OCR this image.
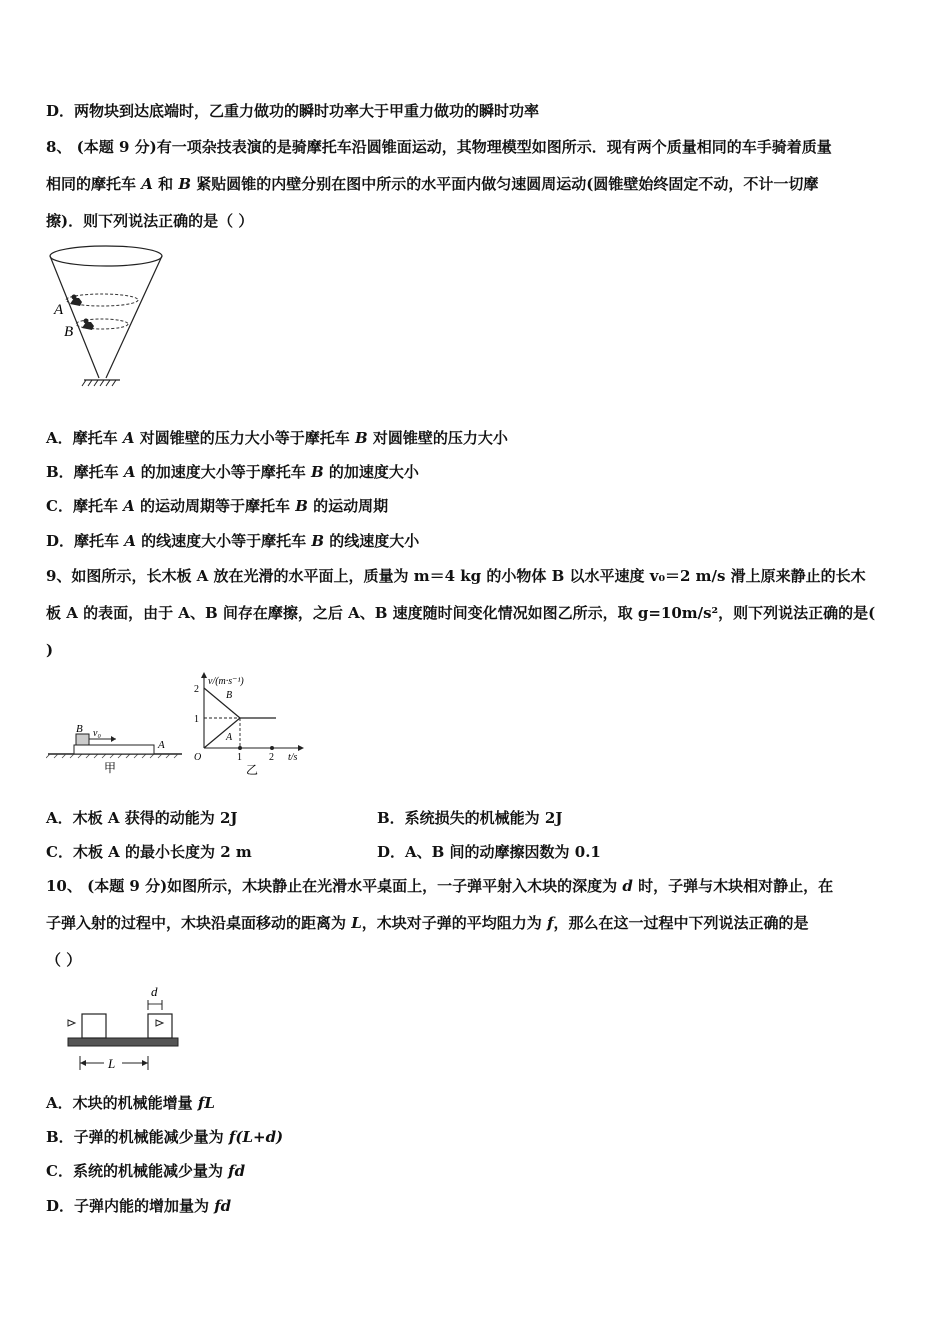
D．两物块到达底端时，乙重力做功的瞬时功率大于甲重力做功的瞬时功率
8、 (本题 9 分)有一项杂技表演的是骑摩托车沿圆锥面运动，其物理模型如图所示．现有两个质量相同的车手骑着质量
相同的摩托车 A 和 B 紧贴圆锥的内壁分别在图中所示的水平面内做匀速圆周运动(圆锥壁始终固定不动，不计一切摩
擦)．则下列说法正确的是（ ）
A
B
A．摩托车 A 对圆锥壁的压力大小等于摩托车 B 对圆锥壁的压力大小
B．摩托车 A 的加速度大小等于摩托车 B 的加速度大小
C．摩托车 A 的运动周期等于摩托车 B 的运动周期
D．摩托车 A 的线速度大小等于摩托车 B 的线速度大小
9、如图所示，长木板 A 放在光滑的水平面上，质量为 m＝4 kg 的小物体 B 以水平速度 v₀＝2 m/s 滑上原来静止的长木
板 A 的表面，由于 A、B 间存在摩擦，之后 A、B 速度随时间变化情况如图乙所示，取 g=10m/s²，则下列说法正确的是(
)
B v₀
A
甲
v/(m·s⁻¹)
2
1
O	1	2 t/s
B
A
乙
A．木板 A 获得的动能为 2J	B．系统损失的机械能为 2J
C．木板 A 的最小长度为 2 m	D．A、B 间的动摩擦因数为 0.1
10、 (本题 9 分)如图所示，木块静止在光滑水平桌面上，一子弹平射入木块的深度为 d 时，子弹与木块相对静止，在
子弹入射的过程中，木块沿桌面移动的距离为 L，木块对子弹的平均阻力为 f，那么在这一过程中下列说法正确的是
（ ）
d
L
A．木块的机械能增量 fL
B．子弹的机械能减少量为 f(L+d)
C．系统的机械能减少量为 fd
D．子弹内能的增加量为 fd
